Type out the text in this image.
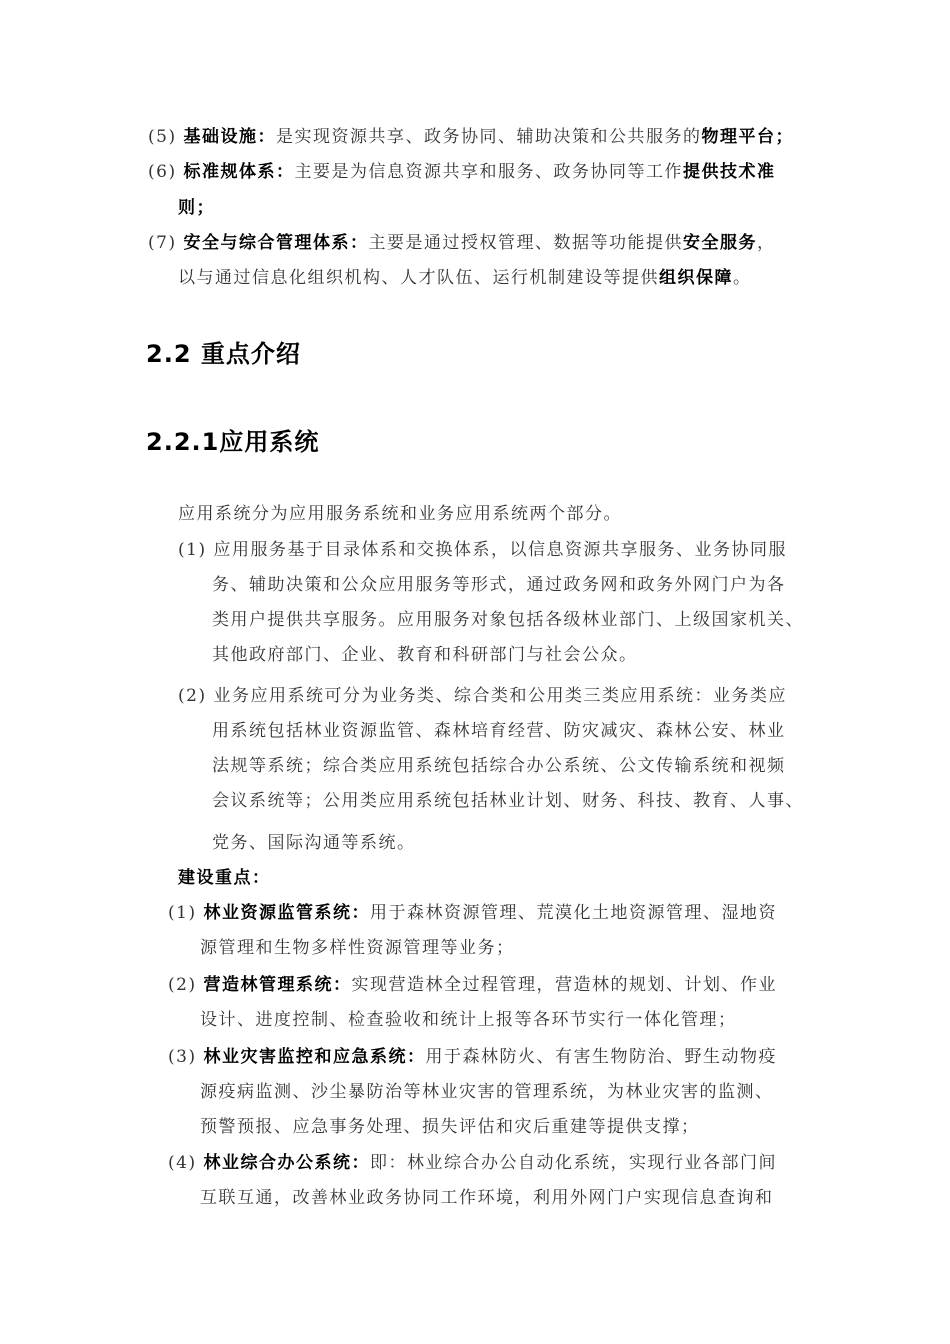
2.2 重点介绍
2.2.1应用系统
(5) 基础设施：是实现资源共享、政务协同、辅助决策和公共服务的物理平台；
(6) 标准规体系：主要是为信息资源共享和服务、政务协同等工作提供技术准
则；
(7) 安全与综合管理体系：主要是通过授权管理、数据等功能提供安全服务，
以与通过信息化组织机构、人才队伍、运行机制建设等提供组织保障。
应用系统分为应用服务系统和业务应用系统两个部分。
(1) 应用服务基于目录体系和交换体系，以信息资源共享服务、业务协同服
务、辅助决策和公众应用服务等形式，通过政务网和政务外网门户为各
类用户提供共享服务。应用服务对象包括各级林业部门、上级国家机关、
其他政府部门、企业、教育和科研部门与社会公众。
(2) 业务应用系统可分为业务类、综合类和公用类三类应用系统：业务类应
用系统包括林业资源监管、森林培育经营、防灾减灾、森林公安、林业
法规等系统；综合类应用系统包括综合办公系统、公文传输系统和视频
会议系统等；公用类应用系统包括林业计划、财务、科技、教育、人事、
党务、国际沟通等系统。
建设重点：
(1) 林业资源监管系统：用于森林资源管理、荒漠化土地资源管理、湿地资
源管理和生物多样性资源管理等业务；
(2) 营造林管理系统：实现营造林全过程管理，营造林的规划、计划、作业
设计、进度控制、检查验收和统计上报等各环节实行一体化管理；
(3) 林业灾害监控和应急系统：用于森林防火、有害生物防治、野生动物疫
源疫病监测、沙尘暴防治等林业灾害的管理系统，为林业灾害的监测、
预警预报、应急事务处理、损失评估和灾后重建等提供支撑；
(4) 林业综合办公系统：即：林业综合办公自动化系统，实现行业各部门间
互联互通，改善林业政务协同工作环境，利用外网门户实现信息查询和
